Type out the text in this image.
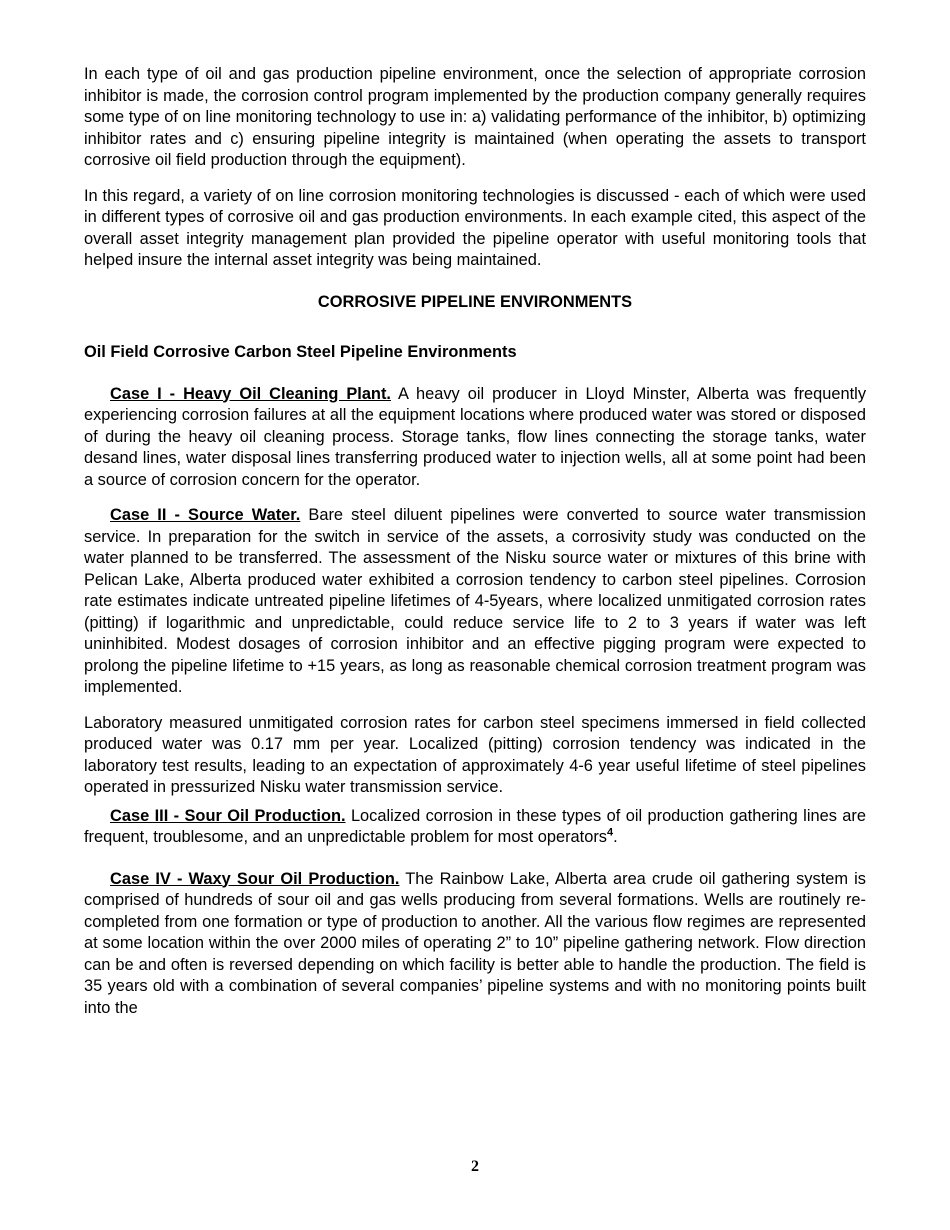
In each type of oil and gas production pipeline environment, once the selection of appropriate corrosion inhibitor is made, the corrosion control program implemented by the production company generally requires some type of on line monitoring technology to use in: a) validating performance of the inhibitor, b) optimizing inhibitor rates and c) ensuring pipeline integrity is maintained (when operating the assets to transport corrosive oil field production through the equipment).

In this regard, a variety of on line corrosion monitoring technologies is discussed - each of which were used in different types of corrosive oil and gas production environments. In each example cited, this aspect of the overall asset integrity management plan provided the pipeline operator with useful monitoring tools that helped insure the internal asset integrity was being maintained.

CORROSIVE PIPELINE ENVIRONMENTS
Oil Field Corrosive Carbon Steel Pipeline Environments

Case I - Heavy Oil Cleaning Plant. A heavy oil producer in Lloyd Minster, Alberta was frequently experiencing corrosion failures at all the equipment locations where produced water was stored or disposed of during the heavy oil cleaning process. Storage tanks, flow lines connecting the storage tanks, water desand lines, water disposal lines transferring produced water to injection wells, all at some point had been a source of corrosion concern for the operator.

Case II - Source Water. Bare steel diluent pipelines were converted to source water transmission service. In preparation for the switch in service of the assets, a corrosivity study was conducted on the water planned to be transferred. The assessment of the Nisku source water or mixtures of this brine with Pelican Lake, Alberta produced water exhibited a corrosion tendency to carbon steel pipelines. Corrosion rate estimates indicate untreated pipeline lifetimes of 4-5years, where localized unmitigated corrosion rates (pitting) if logarithmic and unpredictable, could reduce service life to 2 to 3 years if water was left uninhibited. Modest dosages of corrosion inhibitor and an effective pigging program were expected to prolong the pipeline lifetime to +15 years, as long as reasonable chemical corrosion treatment program was implemented.

Laboratory measured unmitigated corrosion rates for carbon steel specimens immersed in field collected produced water was 0.17 mm per year. Localized (pitting) corrosion tendency was indicated in the laboratory test results, leading to an expectation of approximately 4-6 year useful lifetime of steel pipelines operated in pressurized Nisku water transmission service.

Case III - Sour Oil Production. Localized corrosion in these types of oil production gathering lines are frequent, troublesome, and an unpredictable problem for most operators$^4$.

Case IV - Waxy Sour Oil Production. The Rainbow Lake, Alberta area crude oil gathering system is comprised of hundreds of sour oil and gas wells producing from several formations. Wells are routinely re-completed from one formation or type of production to another. All the various flow regimes are represented at some location within the over 2000 miles of operating 2” to 10” pipeline gathering network. Flow direction can be and often is reversed depending on which facility is better able to handle the production. The field is 35 years old with a combination of several companies’ pipeline systems and with no monitoring points built into the

2
